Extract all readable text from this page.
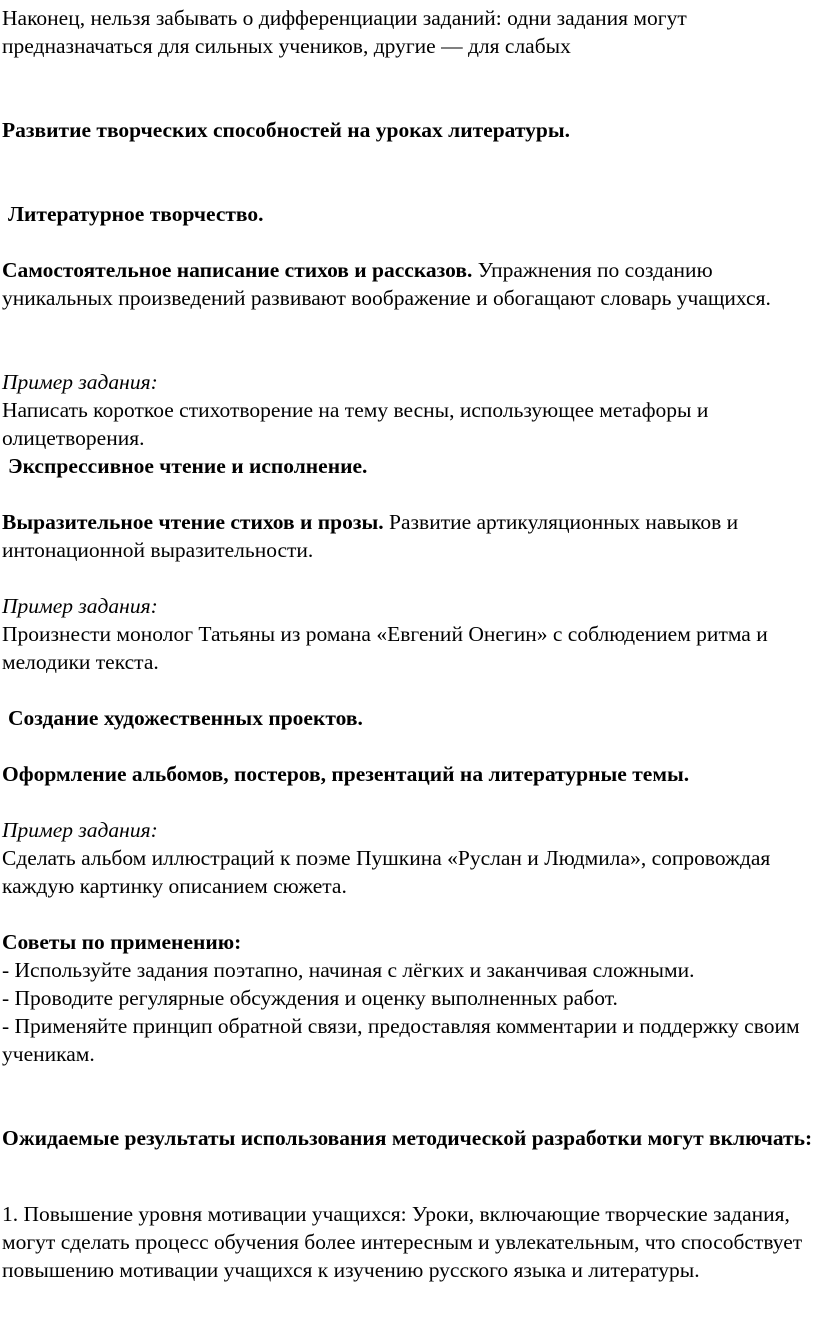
Наконец, нельзя забывать о дифференциации заданий: одни задания могут предназначаться для сильных учеников, другие — для слабых

Развитие творческих способностей на уроках литературы.

Литературное творчество.

Самостоятельное написание стихов и рассказов. Упражнения по созданию уникальных произведений развивают воображение и обогащают словарь учащихся.

Пример задания:
Написать короткое стихотворение на тему весны, использующее метафоры и олицетворения.

Экспрессивное чтение и исполнение.

Выразительное чтение стихов и прозы. Развитие артикуляционных навыков и интонационной выразительности.

Пример задания:
Произнести монолог Татьяны из романа «Евгений Онегин» с соблюдением ритма и мелодики текста.

Создание художественных проектов.

Оформление альбомов, постеров, презентаций на литературные темы.

Пример задания:
Сделать альбом иллюстраций к поэме Пушкина «Руслан и Людмила», сопровождая каждую картинку описанием сюжета.

Советы по применению:
- Используйте задания поэтапно, начиная с лёгких и заканчивая сложными.
- Проводите регулярные обсуждения и оценку выполненных работ.
- Применяйте принцип обратной связи, предоставляя комментарии и поддержку своим ученикам.

Ожидаемые результаты использования методической разработки могут включать:

1. Повышение уровня мотивации учащихся: Уроки, включающие творческие задания, могут сделать процесс обучения более интересным и увлекательным, что способствует повышению мотивации учащихся к изучению русского языка и литературы.
